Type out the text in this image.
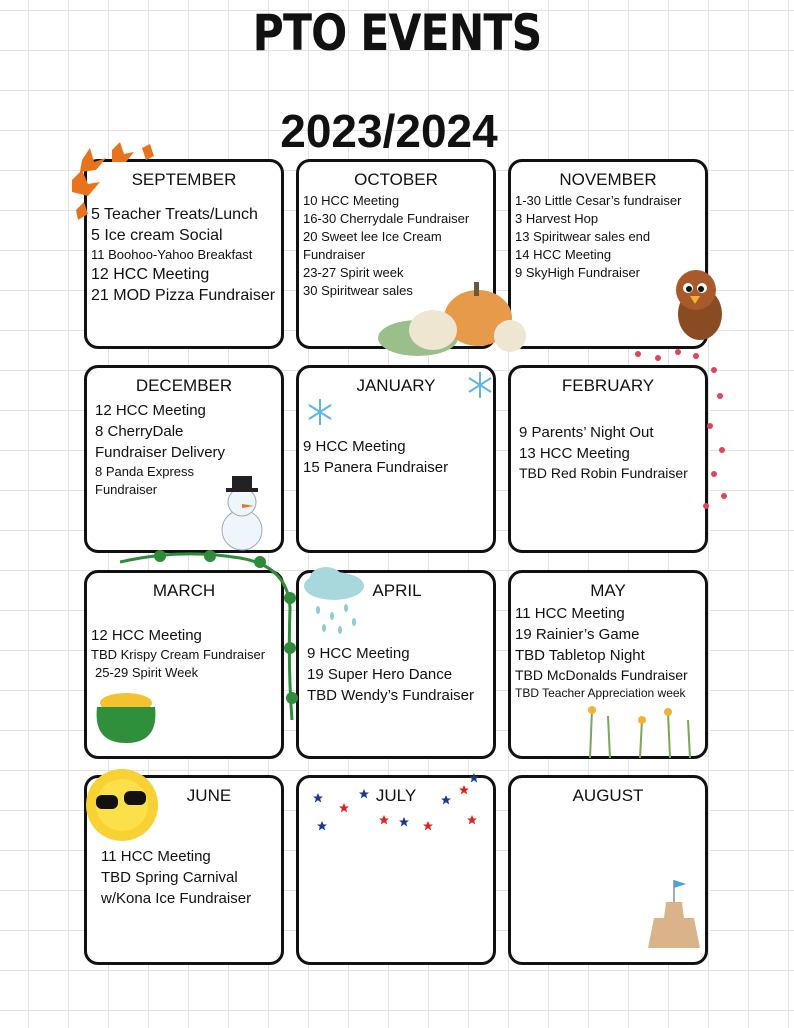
PTO EVENTS
2023/2024
SEPTEMBER
5 Teacher Treats/Lunch
5 Ice cream Social
11 Boohoo-Yahoo Breakfast
12 HCC Meeting
21 MOD Pizza Fundraiser
OCTOBER
10 HCC Meeting
16-30 Cherrydale Fundraiser
20 Sweet lee Ice Cream
Fundraiser
23-27 Spirit week
30 Spiritwear sales
NOVEMBER
1-30 Little Cesar’s fundraiser
3 Harvest Hop
13 Spiritwear sales end
14 HCC Meeting
9 SkyHigh Fundraiser
DECEMBER
12 HCC Meeting
8 CherryDale
Fundraiser Delivery
8 Panda Express
Fundraiser
JANUARY
9 HCC Meeting
15 Panera Fundraiser
FEBRUARY
9 Parents’ Night Out
13 HCC Meeting
TBD Red Robin Fundraiser
MARCH
12 HCC Meeting
TBD Krispy Cream Fundraiser
25-29 Spirit Week
APRIL
9 HCC Meeting
19 Super Hero Dance
TBD Wendy’s Fundraiser
MAY
11 HCC Meeting
19 Rainier’s Game
TBD Tabletop Night
TBD McDonalds Fundraiser
TBD Teacher Appreciation week
JUNE
11 HCC Meeting
TBD Spring Carnival
w/Kona Ice Fundraiser
JULY	AUGUST
